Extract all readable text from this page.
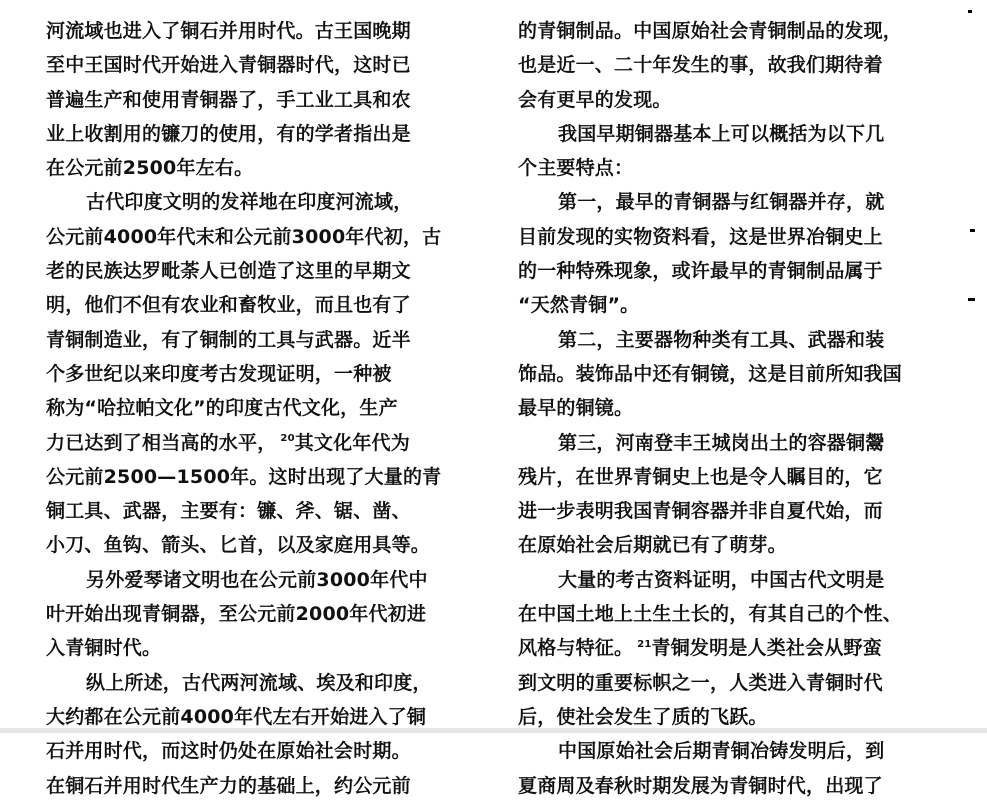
河流域也进入了铜石并用时代。古王国晚期
至中王国时代开始进入青铜器时代，这时已
普遍生产和使用青铜器了，手工业工具和农
业上收割用的镰刀的使用，有的学者指出是
在公元前2500年左右。
古代印度文明的发祥地在印度河流域，
公元前4000年代末和公元前3000年代初，古
老的民族达罗毗荼人已创造了这里的早期文
明，他们不但有农业和畜牧业，而且也有了
青铜制造业，有了铜制的工具与武器。近半
个多世纪以来印度考古发现证明，一种被
称为“哈拉帕文化”的印度古代文化，生产
力已达到了相当高的水平， $^{20}$其文化年代为
公元前2500—1500年。这时出现了大量的青
铜工具、武器，主要有：镰、斧、锯、凿、
小刀、鱼钩、箭头、匕首，以及家庭用具等。
另外爱琴诸文明也在公元前3000年代中
叶开始出现青铜器，至公元前2000年代初进
入青铜时代。
纵上所述，古代两河流域、埃及和印度，
大约都在公元前4000年代左右开始进入了铜
石并用时代，而这时仍处在原始社会时期。
在铜石并用时代生产力的基础上，约公元前
的青铜制品。中国原始社会青铜制品的发现，
也是近一、二十年发生的事，故我们期待着
会有更早的发现。
我国早期铜器基本上可以概括为以下几
个主要特点：
第一，最早的青铜器与红铜器并存，就
目前发现的实物资料看，这是世界冶铜史上
的一种特殊现象，或许最早的青铜制品属于
“天然青铜”。
第二，主要器物种类有工具、武器和装
饰品。装饰品中还有铜镜，这是目前所知我国
最早的铜镜。
第三，河南登丰王城岗出土的容器铜鬶
残片，在世界青铜史上也是令人瞩目的，它
进一步表明我国青铜容器并非自夏代始，而
在原始社会后期就已有了萌芽。
大量的考古资料证明，中国古代文明是
在中国土地上土生土长的，有其自己的个性、
风格与特征。 $^{21}$青铜发明是人类社会从野蛮
到文明的重要标帜之一，人类进入青铜时代
后，使社会发生了质的飞跃。
中国原始社会后期青铜冶铸发明后，到
夏商周及春秋时期发展为青铜时代，出现了
